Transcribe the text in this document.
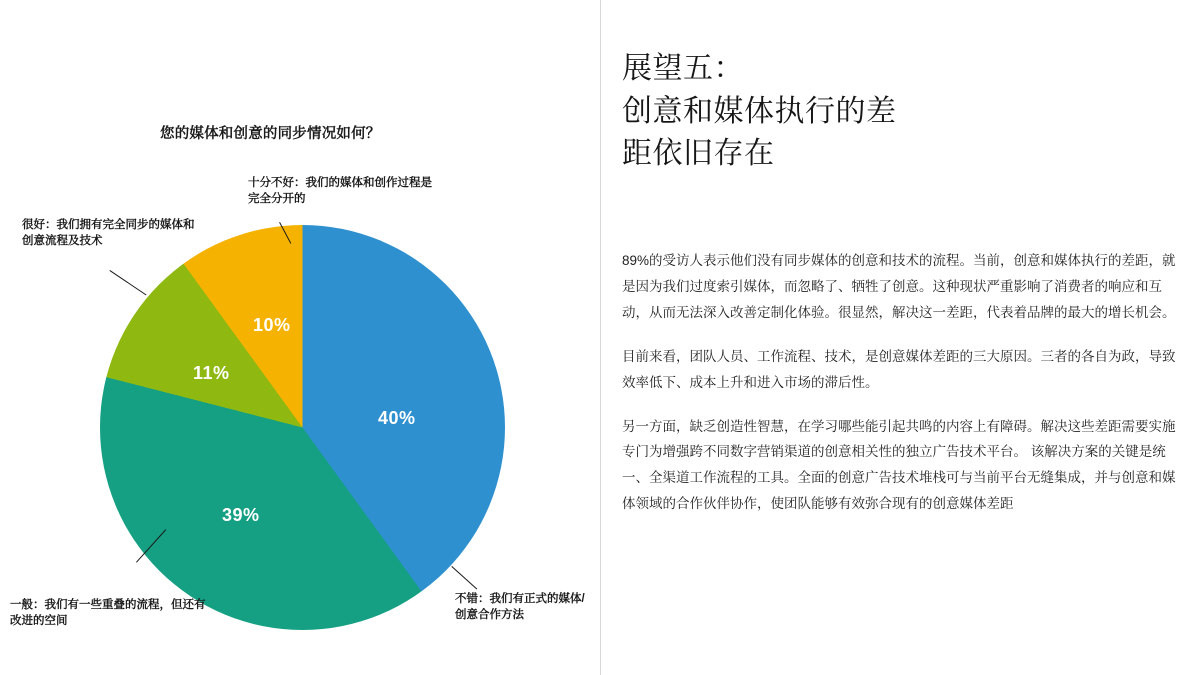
您的媒体和创意的同步情况如何？
40%
39%
11%
10%
十分不好：我们的媒体和创作过程是完全分开的
很好：我们拥有完全同步的媒体和创意流程及技术
一般：我们有一些重叠的流程，但还有改进的空间
不错：我们有正式的媒体/创意合作方法
展望五：
创意和媒体执行的差
距依旧存在

89%的受访人表示他们没有同步媒体的创意和技术的流程。当前，创意和媒体执行的差距，就是因为我们过度索引媒体，而忽略了、牺牲了创意。这种现状严重影响了消费者的响应和互动，从而无法深入改善定制化体验。很显然，解决这一差距，代表着品牌的最大的增长机会。

目前来看，团队人员、工作流程、技术，是创意媒体差距的三大原因。三者的各自为政，导致效率低下、成本上升和进入市场的滞后性。

另一方面，缺乏创造性智慧，在学习哪些能引起共鸣的内容上有障碍。解决这些差距需要实施专门为增强跨不同数字营销渠道的创意相关性的独立广告技术平台。 该解决方案的关键是统一、全渠道工作流程的工具。全面的创意广告技术堆栈可与当前平台无缝集成，并与创意和媒体领域的合作伙伴协作，使团队能够有效弥合现有的创意媒体差距
